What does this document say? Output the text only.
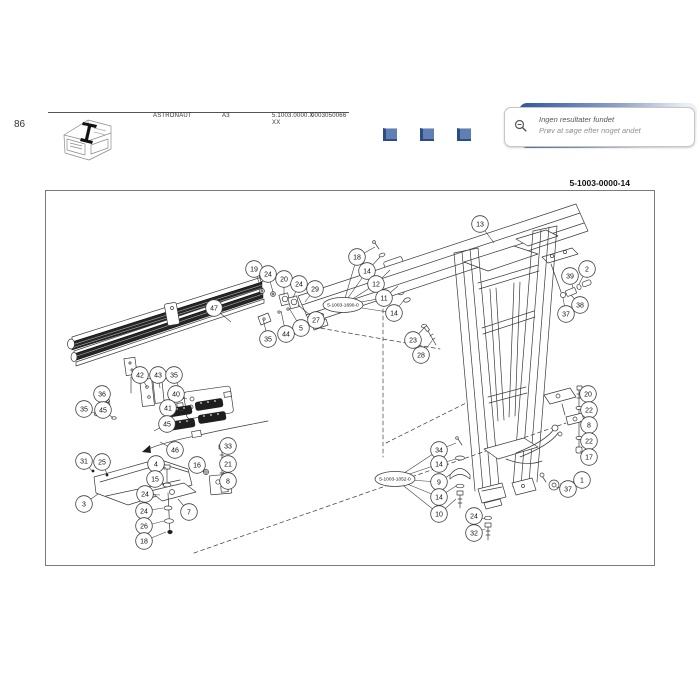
86
ASTRONAUT	A3	5.1003.0000.X
XX
0003050066	Ingen resultater fundet
Prøv at søge efter noget andet
5-1003-0000-14
5-1003-1690-0
5-1003-1052-0
47
19
24
20
24
29
27
5
44
35
13
18
14
12
11
14
23
28
2
39
38
37
20
22
8
22
17
1
37
34
14
9
14
10	24
32
42 43 35
40
41
36
35 45
45
46
31 25
3
4
15
24
24
26
18
7
33
16	21
8
